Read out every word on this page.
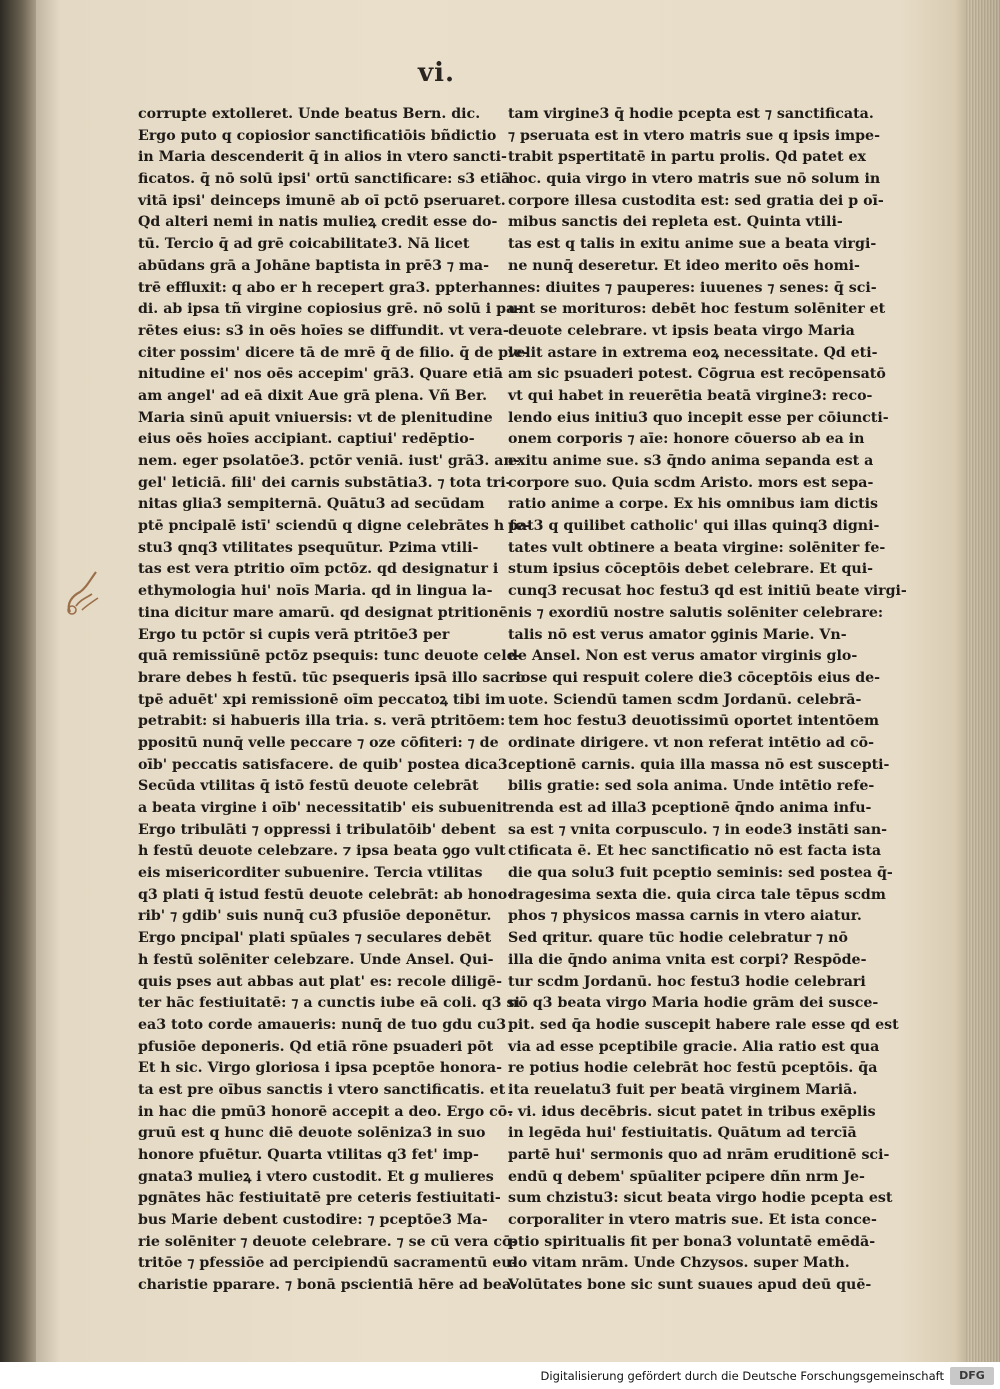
vi.
corrupte extolleret. Unde beatus Bern. dic.
Ergo puto q copiosior sanctificatiōis bñdictio
in Maria descenderit q̄ in alios in vtero sancti-
ficatos. q̄ nō solū ipsi' ortū sanctificare: s3 etiā
vitā ipsi' deinceps imunē ab oī pctō pseruaret.
Qd alteri nemi in natis mulieꝝ credit esse do-
tū. Tercio q̄ ad grē coicabilitate3. Nā licet
abūdans grā a Johāne baptista in prē3 ⁊ ma-
trē effluxit: q abo er h recepert gra3. ppterhan
di. ab ipsa tñ virgine copiosius grē. nō solū i pa-
rētes eius: s3 in oēs hoīes se diffundit. vt vera-
citer possim' dicere tā de mrē q̄ de filio. q̄ de ple-
nitudine ei' nos oēs accepim' grā3. Quare etiā
am angel' ad eā dixit Aue grā plena. Vñ Ber.
Maria sinū apuit vniuersis: vt de plenitudine
eius oēs hoīes accipiant. captiui' redēptio-
nem. eger psolatōe3. pctōr veniā. iust' grā3. an-
gel' leticiā. fili' dei carnis substātia3. ⁊ tota tri-
nitas glia3 sempiternā. Quātu3 ad secūdam
ptē pncipalē istī' sciendū q digne celebrātes h fe-
stu3 qnq3 vtilitates psequūtur. Pzima vtili-
tas est vera ptritio oīm pctōz. qd designatur i
ethymologia hui' noīs Maria. qd in lingua la-
tina dicitur mare amarū. qd designat ptritionē.
Ergo tu pctōr si cupis verā ptritōe3 per
quā remissiūnē pctōz psequis: tunc deuote cele-
brare debes h festū. tūc psequeris ipsā illo sacro
tpē aduēt' xpi remissionē oīm peccatoꝝ tibi im
petrabit: si habueris illa tria. s. verā ptritōem:
ppositū nunq̄ velle peccare ⁊ oze cōfiteri: ⁊ de
oīb' peccatis satisfacere. de quib' postea dica3.
Secūda vtilitas q̄ istō festū deuote celebrāt
a beata virgine i oīb' necessitatib' eis subuenit
Ergo tribulāti ⁊ oppressi i tribulatōib' debent
h festū deuote celebzare. ⁊ ipsa beata ꝯgo vult
eis misericorditer subuenire. Tercia vtilitas
q3 plati q̄ istud festū deuote celebrāt: ab hono-
rib' ⁊ gdib' suis nunq̄ cu3 pfusiōe deponētur.
Ergo pncipal' plati spūales ⁊ seculares debēt
h festū solēniter celebzare. Unde Ansel. Qui-
quis pses aut abbas aut plat' es: recole diligē-
ter hāc festiuitatē: ⁊ a cunctis iube eā coli. q3 si
ea3 toto corde amaueris: nunq̄ de tuo gdu cu3
pfusiōe deponeris. Qd etiā rōne psuaderi pōt
Et h sic. Virgo gloriosa i ipsa pceptōe honora-
ta est pre oībus sanctis i vtero sanctificatis. et
in hac die pmū3 honorē accepit a deo. Ergo cō-
gruū est q hunc diē deuote solēniza3 in suo
honore pfuētur. Quarta vtilitas q3 fet' imp-
gnata3 mulieꝝ i vtero custodit. Et g mulieres
pgnātes hāc festiuitatē pre ceteris festiuitati-
bus Marie debent custodire: ⁊ pceptōe3 Ma-
rie solēniter ⁊ deuote celebrare. ⁊ se cū vera cō-
tritōe ⁊ pfessiōe ad percipiendū sacramentū eu-
charistie pparare. ⁊ bonā pscientiā hēre ad bea-
tam virgine3 q̄ hodie pcepta est ⁊ sanctificata.
⁊ pseruata est in vtero matris sue q ipsis impe-
trabit pspertitatē in partu prolis. Qd patet ex
hoc. quia virgo in vtero matris sue nō solum in
corpore illesa custodita est: sed gratia dei p oī-
mibus sanctis dei repleta est. Quinta vtili-
tas est q talis in exitu anime sue a beata virgi-
ne nunq̄ deseretur. Et ideo merito oēs homi-
nes: diuites ⁊ pauperes: iuuenes ⁊ senes: q̄ sci-
unt se morituros: debēt hoc festum solēniter et
deuote celebrare. vt ipsis beata virgo Maria
velit astare in extrema eoꝝ necessitate. Qd eti-
am sic psuaderi potest. Cōgrua est recōpensatō
vt qui habet in reuerētia beatā virgine3: reco-
lendo eius initiu3 quo incepit esse per cōiuncti-
onem corporis ⁊ aīe: honore cōuerso ab ea in
exitu anime sue. s3 q̄ndo anima sepanda est a
corpore suo. Quia scdm Aristo. mors est sepa-
ratio anime a corpe. Ex his omnibus iam dictis
pat3 q quilibet catholic' qui illas quinq3 digni-
tates vult obtinere a beata virgine: solēniter fe-
stum ipsius cōceptōis debet celebrare. Et qui-
cunq3 recusat hoc festu3 qd est initiū beate virgi-
nis ⁊ exordiū nostre salutis solēniter celebrare:
talis nō est verus amator ꝯginis Marie. Vn-
de Ansel. Non est verus amator virginis glo-
riose qui respuit colere die3 cōceptōis eius de-
uote. Sciendū tamen scdm Jordanū. celebrā-
tem hoc festu3 deuotissimū oportet intentōem
ordinate dirigere. vt non referat intētio ad cō-
ceptionē carnis. quia illa massa nō est suscepti-
bilis gratie: sed sola anima. Unde intētio refe-
renda est ad illa3 pceptionē q̄ndo anima infu-
sa est ⁊ vnita corpusculo. ⁊ in eode3 instāti san-
ctificata ē. Et hec sanctificatio nō est facta ista
die qua solu3 fuit pceptio seminis: sed postea q̄-
dragesima sexta die. quia circa tale tēpus scdm
phos ⁊ physicos massa carnis in vtero aiatur.
Sed qritur. quare tūc hodie celebratur ⁊ nō
illa die q̄ndo anima vnita est corpi? Respōde-
tur scdm Jordanū. hoc festu3 hodie celebrari
nō q3 beata virgo Maria hodie grām dei susce-
pit. sed q̄a hodie suscepit habere rale esse qd est
via ad esse pceptibile gracie. Alia ratio est qua
re potius hodie celebrāt hoc festū pceptōis. q̄a
ita reuelatu3 fuit per beatā virginem Mariā.
. vi. idus decēbris. sicut patet in tribus exēplis
in legēda hui' festiuitatis. Quātum ad tercīā
partē hui' sermonis quo ad nrām eruditionē sci-
endū q debem' spūaliter pcipere dñn nrm Je-
sum chzistu3: sicut beata virgo hodie pcepta est
corporaliter in vtero matris sue. Et ista conce-
ptio spiritualis fit per bona3 voluntatē emēdā-
do vitam nrām. Unde Chzysos. super Math.
Volūtates bone sic sunt suaues apud deū quē-
Digitalisierung gefördert durch die Deutsche Forschungsgemeinschaft	DFG
